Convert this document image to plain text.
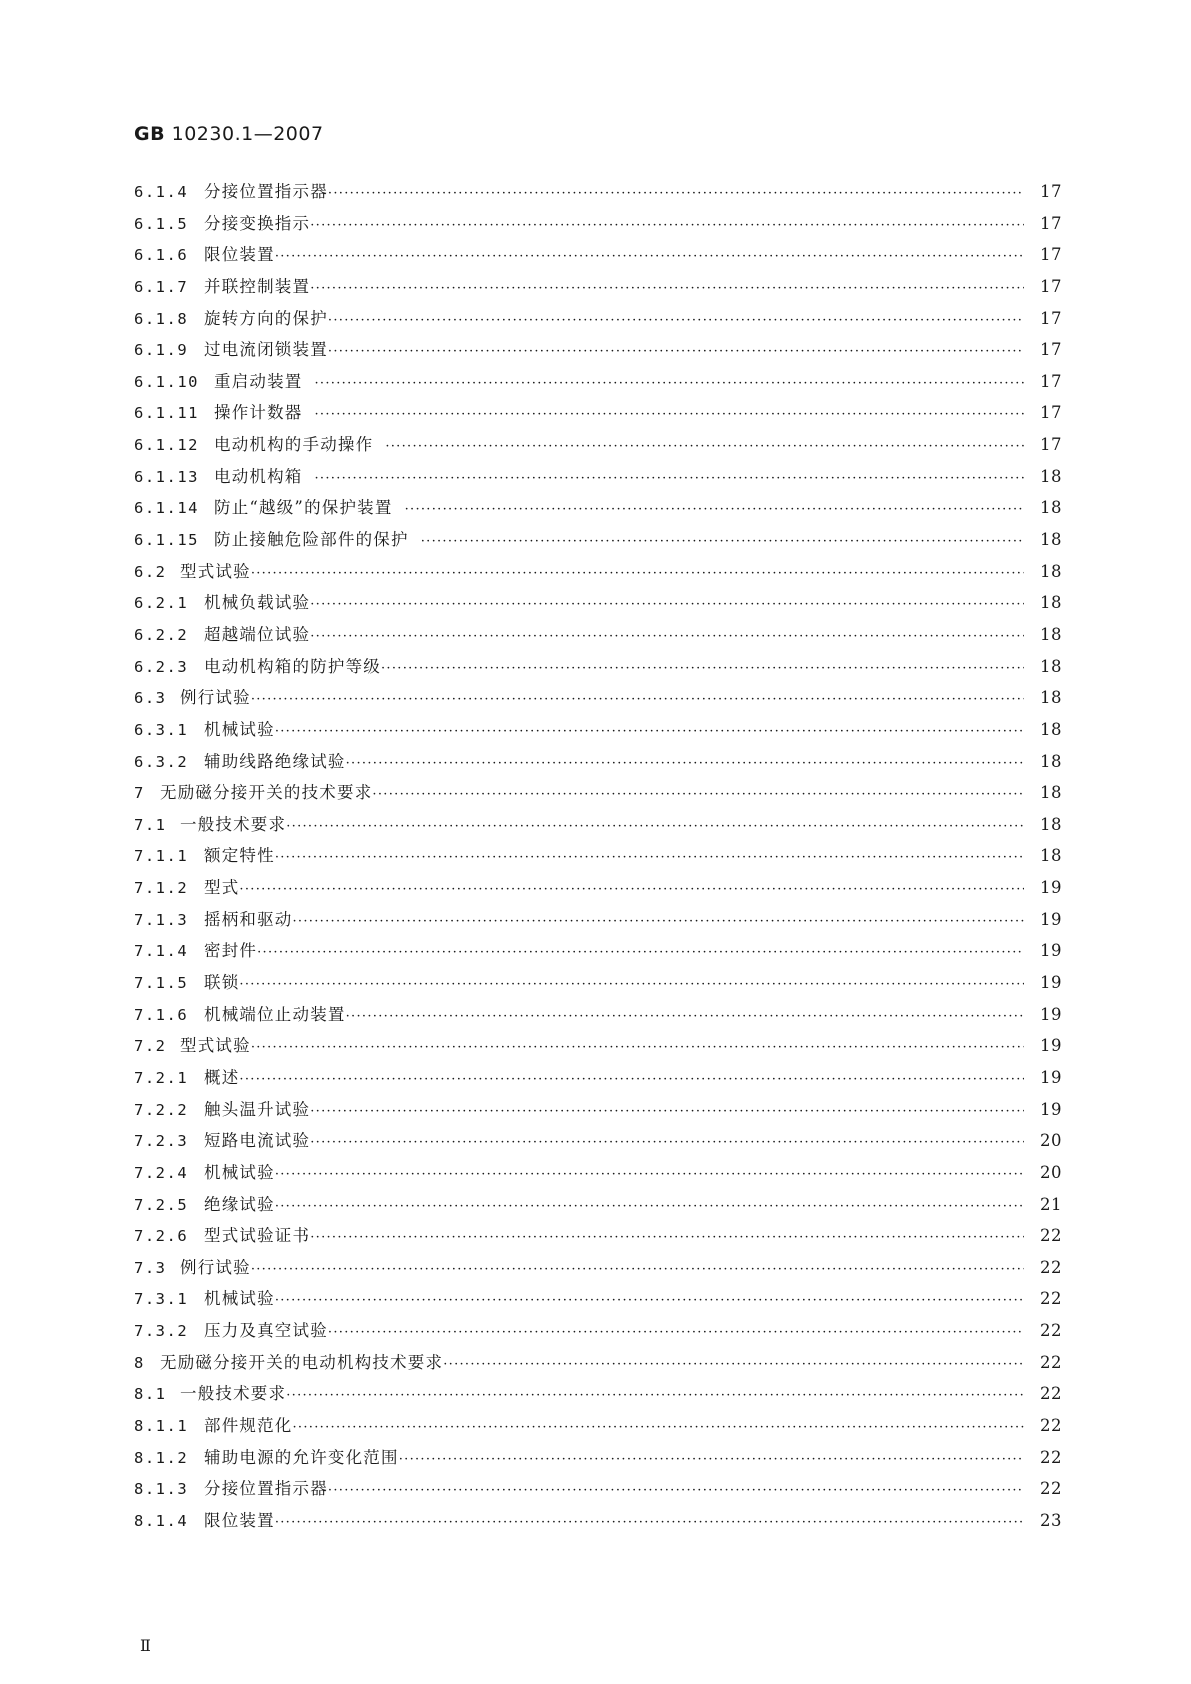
GB 10230.1—2007
6.1.4 分接位置指示器 ·····	17
6.1.5 分接变换指示 ·····	17
6.1.6 限位装置 ·····	17
6.1.7 并联控制装置 ·····	17
6.1.8 旋转方向的保护 ·····	17
6.1.9 过电流闭锁装置 ·····	17
6.1.10 重启动装置 ·····	17
6.1.11 操作计数器 ·····	17
6.1.12 电动机构的手动操作 ·····	17
6.1.13 电动机构箱 ·····	18
6.1.14 防止“越级”的保护装置 ·····	18
6.1.15 防止接触危险部件的保护 ·····	18
6.2 型式试验 ·····	18
6.2.1 机械负载试验 ·····	18
6.2.2 超越端位试验 ·····	18
6.2.3 电动机构箱的防护等级 ·····	18
6.3 例行试验 ·····	18
6.3.1 机械试验 ·····	18
6.3.2 辅助线路绝缘试验 ·····	18
7 无励磁分接开关的技术要求 ·····	18
7.1 一般技术要求 ·····	18
7.1.1 额定特性 ·····	18
7.1.2 型式 ·····	19
7.1.3 摇柄和驱动 ·····	19
7.1.4 密封件 ·····	19
7.1.5 联锁 ·····	19
7.1.6 机械端位止动装置 ·····	19
7.2 型式试验 ·····	19
7.2.1 概述 ·····	19
7.2.2 触头温升试验 ·····	19
7.2.3 短路电流试验 ·····	20
7.2.4 机械试验 ·····	20
7.2.5 绝缘试验 ·····	21
7.2.6 型式试验证书 ·····	22
7.3 例行试验 ·····	22
7.3.1 机械试验 ·····	22
7.3.2 压力及真空试验 ·····	22
8 无励磁分接开关的电动机构技术要求 ·····	22
8.1 一般技术要求 ·····	22
8.1.1 部件规范化 ·····	22
8.1.2 辅助电源的允许变化范围 ·····	22
8.1.3 分接位置指示器 ·····	22
8.1.4 限位装置 ·····	23
Ⅱ
